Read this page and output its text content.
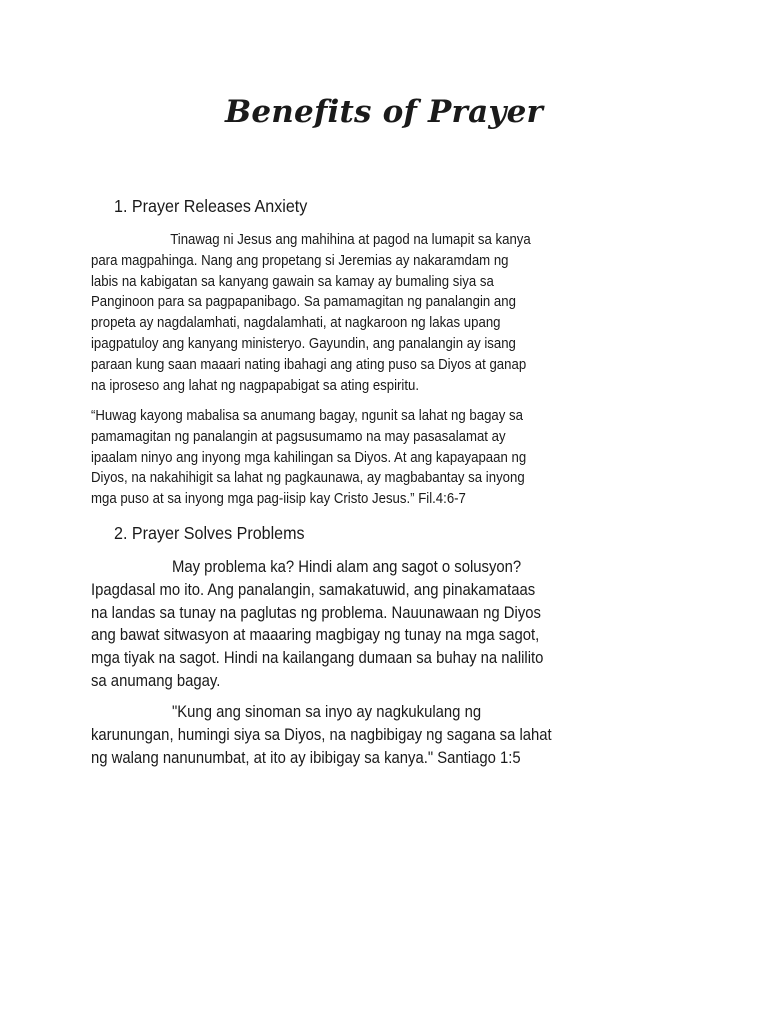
Benefits of Prayer
1. Prayer Releases Anxiety
Tinawag ni Jesus ang mahihina at pagod na lumapit sa kanya
para magpahinga. Nang ang propetang si Jeremias ay nakaramdam ng
labis na kabigatan sa kanyang gawain sa kamay ay bumaling siya sa
Panginoon para sa pagpapanibago. Sa pamamagitan ng panalangin ang
propeta ay nagdalamhati, nagdalamhati, at nagkaroon ng lakas upang
ipagpatuloy ang kanyang ministeryo. Gayundin, ang panalangin ay isang
paraan kung saan maaari nating ibahagi ang ating puso sa Diyos at ganap
na iproseso ang lahat ng nagpapabigat sa ating espiritu.
“Huwag kayong mabalisa sa anumang bagay, ngunit sa lahat ng bagay sa
pamamagitan ng panalangin at pagsusumamo na may pasasalamat ay
ipaalam ninyo ang inyong mga kahilingan sa Diyos. At ang kapayapaan ng
Diyos, na nakahihigit sa lahat ng pagkaunawa, ay magbabantay sa inyong
mga puso at sa inyong mga pag-iisip kay Cristo Jesus.” Fil.4:6-7
2. Prayer Solves Problems
May problema ka? Hindi alam ang sagot o solusyon?
Ipagdasal mo ito. Ang panalangin, samakatuwid, ang pinakamataas
na landas sa tunay na paglutas ng problema. Nauunawaan ng Diyos
ang bawat sitwasyon at maaaring magbigay ng tunay na mga sagot,
mga tiyak na sagot. Hindi na kailangang dumaan sa buhay na nalilito
sa anumang bagay.
"Kung ang sinoman sa inyo ay nagkukulang ng
karunungan, humingi siya sa Diyos, na nagbibigay ng sagana sa lahat
ng walang nanunumbat, at ito ay ibibigay sa kanya." Santiago 1:5
